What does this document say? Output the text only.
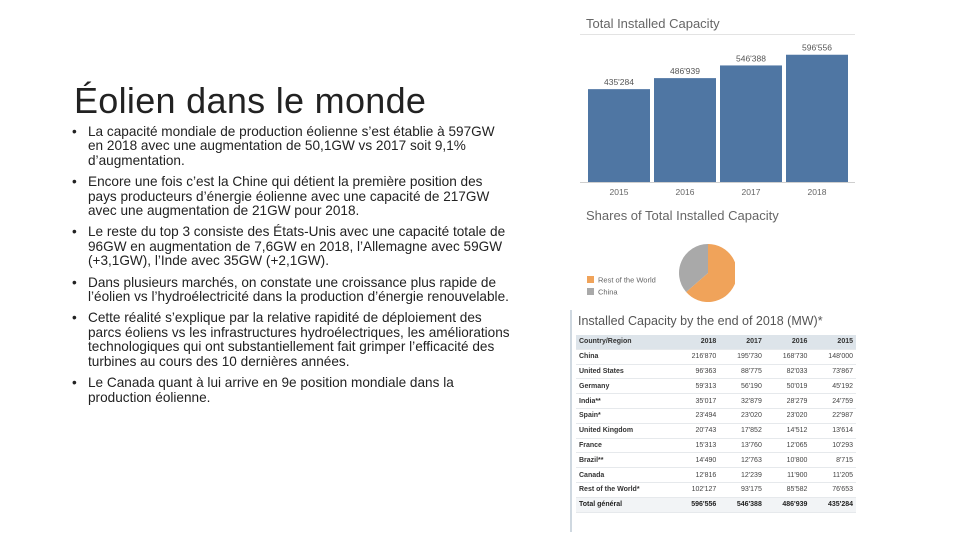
Éolien dans le monde
• La capacité mondiale de production éolienne s’est établie à 597GW en 2018 avec une augmentation de 50,1GW vs 2017 soit 9,1% d’augmentation.
• Encore une fois c’est la Chine qui détient la première position des pays producteurs d’énergie éolienne avec une capacité de 217GW avec une augmentation de 21GW pour 2018.
• Le reste du top 3 consiste des États-Unis avec une capacité totale de 96GW en augmentation de 7,6GW en 2018, l’Allemagne avec 59GW (+3,1GW), l’Inde avec 35GW (+2,1GW).
• Dans plusieurs marchés, on constate une croissance plus rapide de l’éolien vs l’hydroélectricité dans la production d’énergie renouvelable.
• Cette réalité s’explique par la relative rapidité de déploiement des parcs éoliens vs les infrastructures hydroélectriques, les améliorations technologiques qui ont substantiellement fait grimper l’efficacité des turbines au cours des 10 dernières années.
• Le Canada quant à lui arrive en 9e position mondiale dans la production éolienne.
Total Installed Capacity
435'284
2015
486'939
2016
546'388
2017
596'556
2018
Shares of Total Installed Capacity
Rest of the World
China
Installed Capacity by the end of 2018 (MW)*
Country/Region	2018	2017	2016	2015
China	216'870	195'730	168'730	148'000
United States	96'363	88'775	82'033	73'867
Germany	59'313	56'190	50'019	45'192
India**	35'017	32'879	28'279	24'759
Spain*	23'494	23'020	23'020	22'987
United Kingdom	20'743	17'852	14'512	13'614
France	15'313	13'760	12'065	10'293
Brazil**	14'490	12'763	10'800	8'715
Canada	12'816	12'239	11'900	11'205
Rest of the World*	102'127	93'175	85'582	76'653
Total général	596'556	546'388	486'939	435'284
